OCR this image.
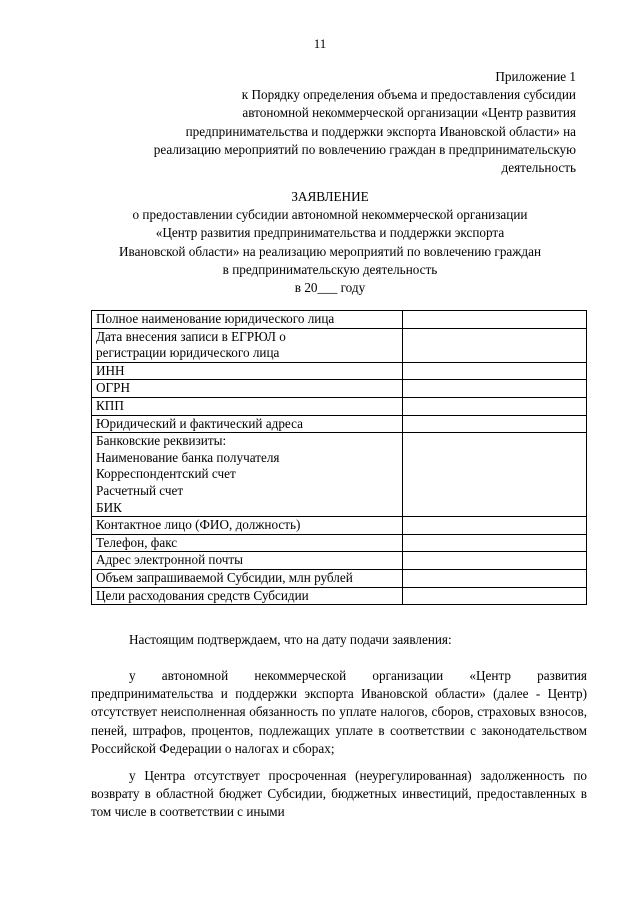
11
Приложение 1
к Порядку определения объема и предоставления субсидии
автономной некоммерческой организации «Центр развития
предпринимательства и поддержки экспорта Ивановской области» на
реализацию мероприятий по вовлечению граждан в предпринимательскую
деятельность
ЗАЯВЛЕНИЕ
о предоставлении субсидии автономной некоммерческой организации
«Центр развития предпринимательства и поддержки экспорта
Ивановской области» на реализацию мероприятий по вовлечению граждан
в предпринимательскую деятельность
в 20___ году
Полное наименование юридического лица	

Дата внесения записи в ЕГРЮЛ о
регистрации юридического лица	

ИНН	

ОГРН	

КПП	

Юридический и фактический адреса	

Банковские реквизиты:
Наименование банка получателя
Корреспондентский счет
Расчетный счет
БИК	

Контактное лицо (ФИО, должность)	

Телефон, факс	

Адрес электронной почты	

Объем запрашиваемой Субсидии, млн рублей	

Цели расходования средств Субсидии	

Настоящим подтверждаем, что на дату подачи заявления:
у автономной некоммерческой организации «Центр развития предпринимательства и поддержки экспорта Ивановской области» (далее - Центр) отсутствует неисполненная обязанность по уплате налогов, сборов, страховых взносов, пеней, штрафов, процентов, подлежащих уплате в соответствии с законодательством Российской Федерации о налогах и сборах;
у Центра отсутствует просроченная (неурегулированная) задолженность по возврату в областной бюджет Субсидии, бюджетных инвестиций, предоставленных в том числе в соответствии с иными
